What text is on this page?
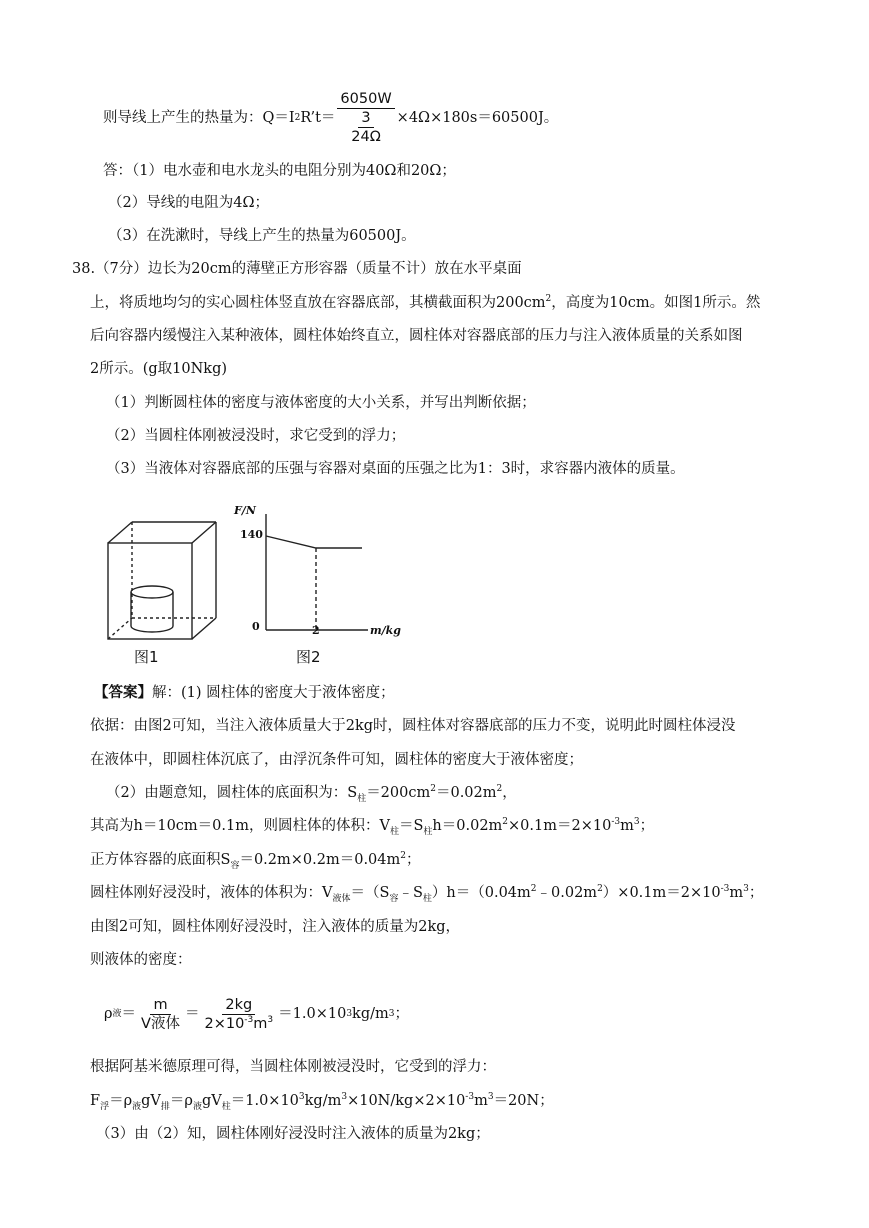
则导线上产生的热量为：Q＝I 2 R’t＝
6050W
3
24Ω
×4Ω×180s＝60500J。
答：（1）电水壶和电水龙头的电阻分别为40Ω和20Ω；
（2）导线的电阻为4Ω；
（3）在洗漱时，导线上产生的热量为60500J。
38.（7分）边长为20cm的薄壁正方形容器（质量不计）放在水平桌面
上，将质地均匀的实心圆柱体竖直放在容器底部，其横截面积为$200cm^2$，高度为10cm。如图1所示。然
后向容器内缓慢注入某种液体，圆柱体始终直立，圆柱体对容器底部的压力与注入液体质量的关系如图
2所示。(g取10Nkg)
（1）判断圆柱体的密度与液体密度的大小关系，并写出判断依据；
（2）当圆柱体刚被浸没时，求它受到的浮力；
（3）当液体对容器底部的压强与容器对桌面的压强之比为1：3时，求容器内液体的质量。
F/N
140
0	2	m/kg
图1	图2
【答案】解：(1) 圆柱体的密度大于液体密度；
依据：由图2可知，当注入液体质量大于2kg时，圆柱体对容器底部的压力不变，说明此时圆柱体浸没
在液体中，即圆柱体沉底了，由浮沉条件可知，圆柱体的密度大于液体密度；
（2）由题意知，圆柱体的底面积为：$S_柱=200cm^2=0.02m^2$，
其高为h＝10cm＝0.1m，则圆柱体的体积：$V_柱=S_柱h=0.02m^2\times 0.1m=2\times 10^{-3}m^3$；
正方体容器的底面积$S_容=0.2m\times 0.2m=0.04m^2$；
圆柱体刚好浸没时，液体的体积为：$V_{液体}=(S_容﹣S_柱)h=(0.04m^2﹣0.02m^2)\times 0.1m=2\times 10^{-3}m^3$；
由图2可知，圆柱体刚好浸没时，注入液体的质量为2kg，
则液体的密度：
ρ 液 ＝ $\frac{m}{\text{V液体}} = \frac{2kg}{2\times 10^{-3}m^3} =1.0\times 10$ 3 kg/m 3 ；
根据阿基米德原理可得，当圆柱体刚被浸没时，它受到的浮力：
$F_浮=\rho_液gV_排=\rho_液gV_柱=1.0\times 10^3kg/m^3\times 10N/kg\times 2\times 10^{-3}m^3=20N$；
（3）由（2）知，圆柱体刚好浸没时注入液体的质量为2kg；
